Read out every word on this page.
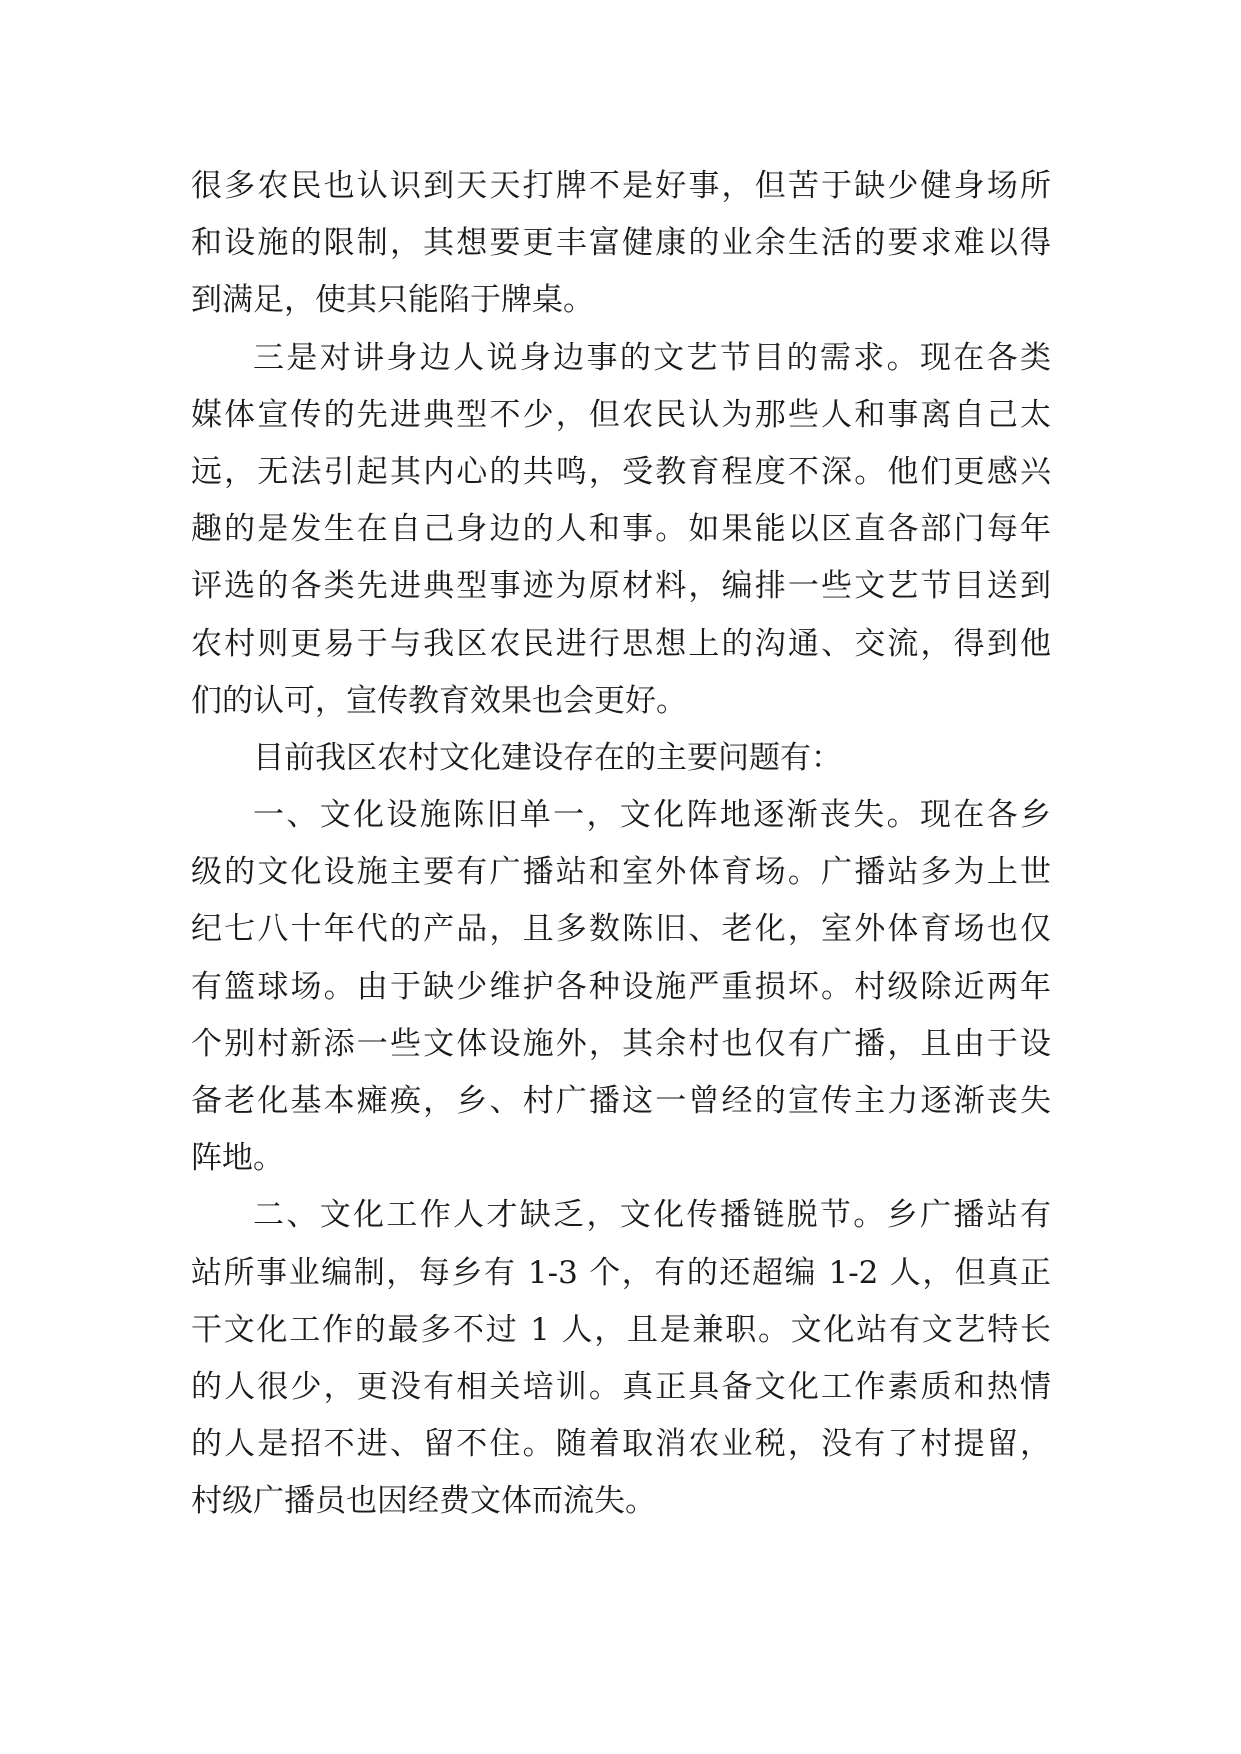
很多农民也认识到天天打牌不是好事，但苦于缺少健身场所
和设施的限制，其想要更丰富健康的业余生活的要求难以得
到满足，使其只能陷于牌桌。
三是对讲身边人说身边事的文艺节目的需求。现在各类
媒体宣传的先进典型不少，但农民认为那些人和事离自己太
远，无法引起其内心的共鸣，受教育程度不深。他们更感兴
趣的是发生在自己身边的人和事。如果能以区直各部门每年
评选的各类先进典型事迹为原材料，编排一些文艺节目送到
农村则更易于与我区农民进行思想上的沟通、交流，得到他
们的认可，宣传教育效果也会更好。
目前我区农村文化建设存在的主要问题有：
一、文化设施陈旧单一，文化阵地逐渐丧失。现在各乡
级的文化设施主要有广播站和室外体育场。广播站多为上世
纪七八十年代的产品，且多数陈旧、老化，室外体育场也仅
有篮球场。由于缺少维护各种设施严重损坏。村级除近两年
个别村新添一些文体设施外，其余村也仅有广播，且由于设
备老化基本瘫痪，乡、村广播这一曾经的宣传主力逐渐丧失
阵地。
二、文化工作人才缺乏，文化传播链脱节。乡广播站有
站所事业编制，每乡有 1-3 个，有的还超编 1-2 人，但真正
干文化工作的最多不过 1 人，且是兼职。文化站有文艺特长
的人很少，更没有相关培训。真正具备文化工作素质和热情
的人是招不进、留不住。随着取消农业税，没有了村提留，
村级广播员也因经费文体而流失。
